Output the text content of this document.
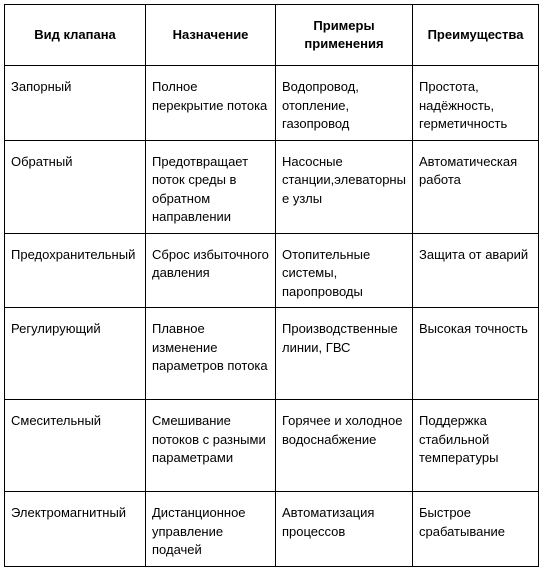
Вид клапана	Назначение	Примеры применения	Преимущества
Запорный	Полное перекрытие потока	Водопровод, отопление, газопровод	Простота, надёжность, герметичность
Обратный	Предотвращает поток среды в обратном направлении	Насосные станции,элеваторные узлы	Автоматическая работа
Предохранительный	Сброс избыточного давления	Отопительные системы, паропроводы	Защита от аварий
Регулирующий	Плавное изменение параметров потока	Производственные линии, ГВС	Высокая точность
Смесительный	Смешивание потоков с разными параметрами	Горячее и холодное водоснабжение	Поддержка стабильной температуры
Электромагнитный	Дистанционное управление подачей	Автоматизация процессов	Быстрое срабатывание
